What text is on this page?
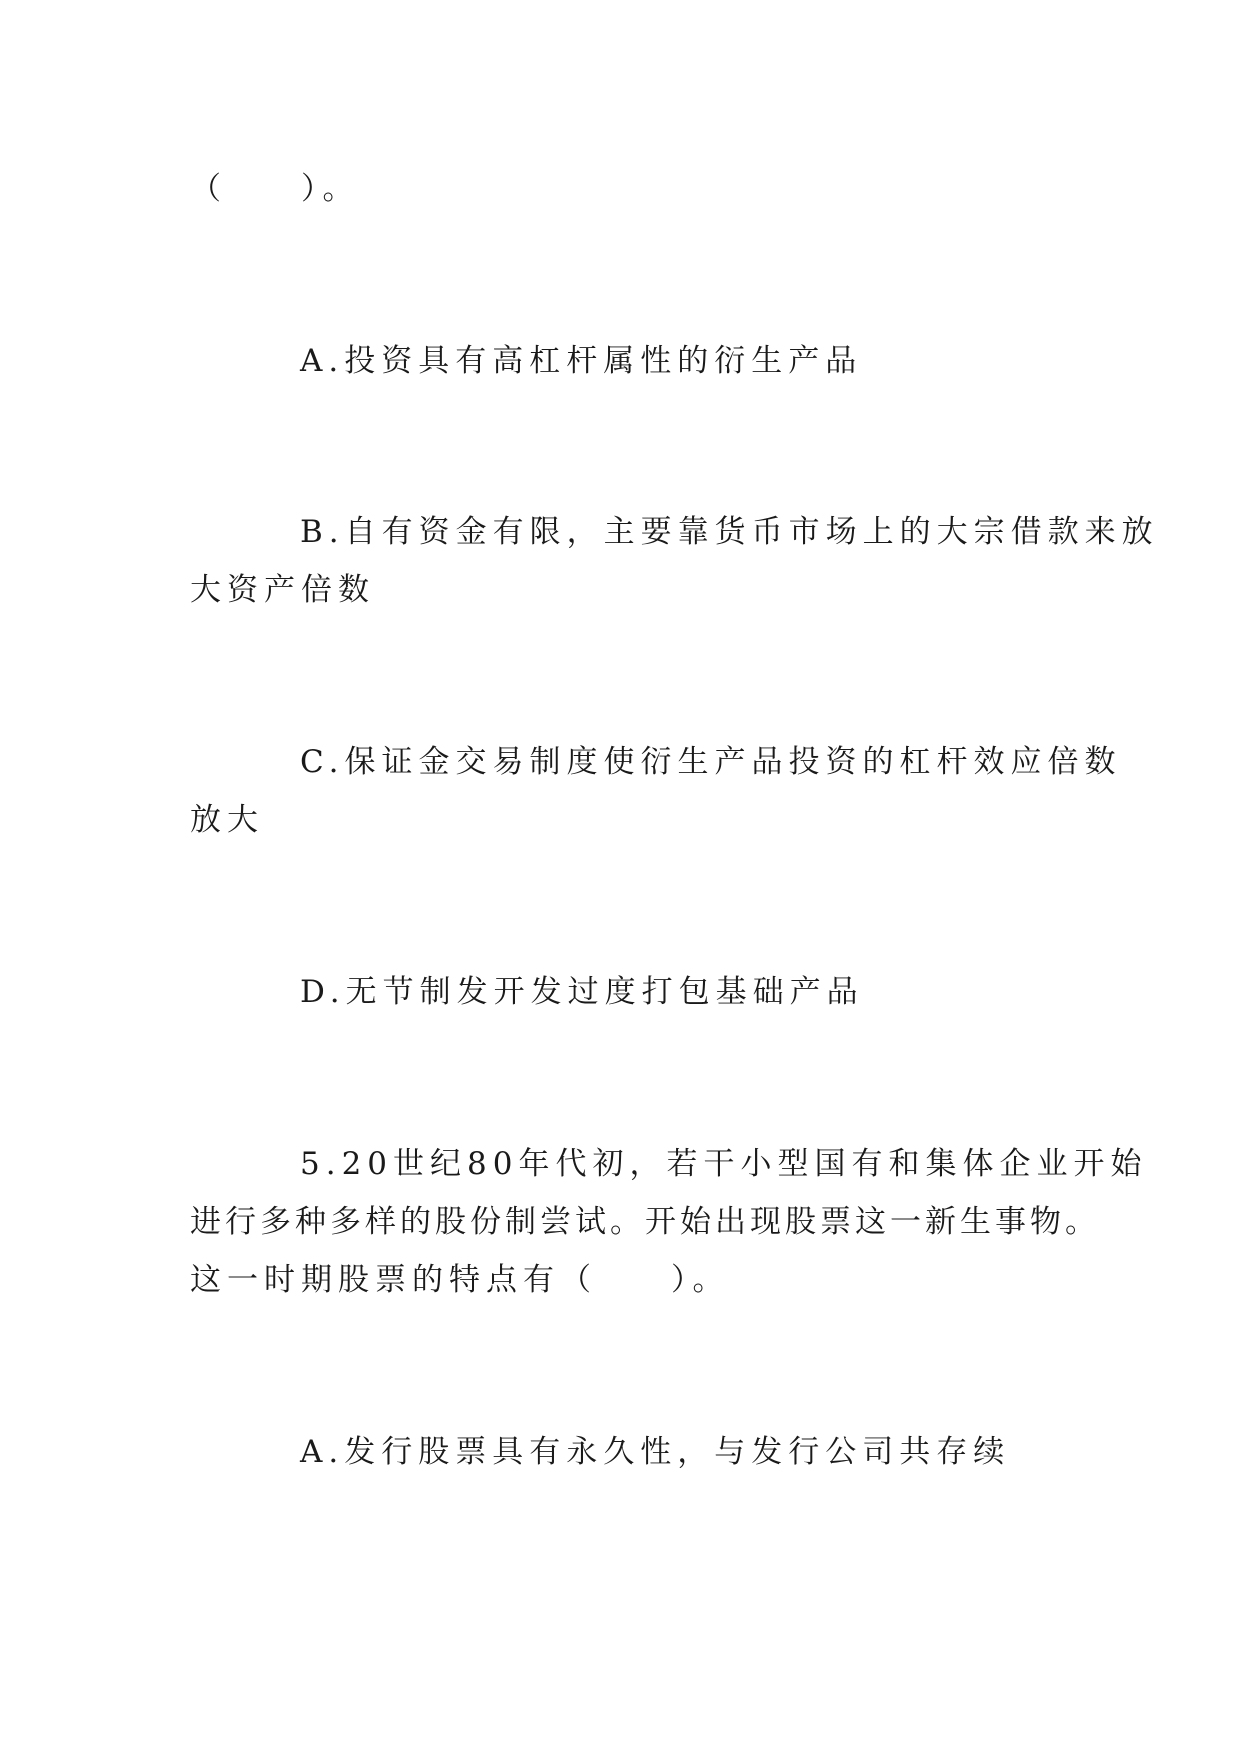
（　　）。

A.投资具有高杠杆属性的衍生产品

B.自有资金有限，主要靠货币市场上的大宗借款来放

大资产倍数

C.保证金交易制度使衍生产品投资的杠杆效应倍数

放大

D.无节制发开发过度打包基础产品

5.20世纪80年代初，若干小型国有和集体企业开始

进行多种多样的股份制尝试。开始出现股票这一新生事物。

这一时期股票的特点有（　　）。

A.发行股票具有永久性，与发行公司共存续
